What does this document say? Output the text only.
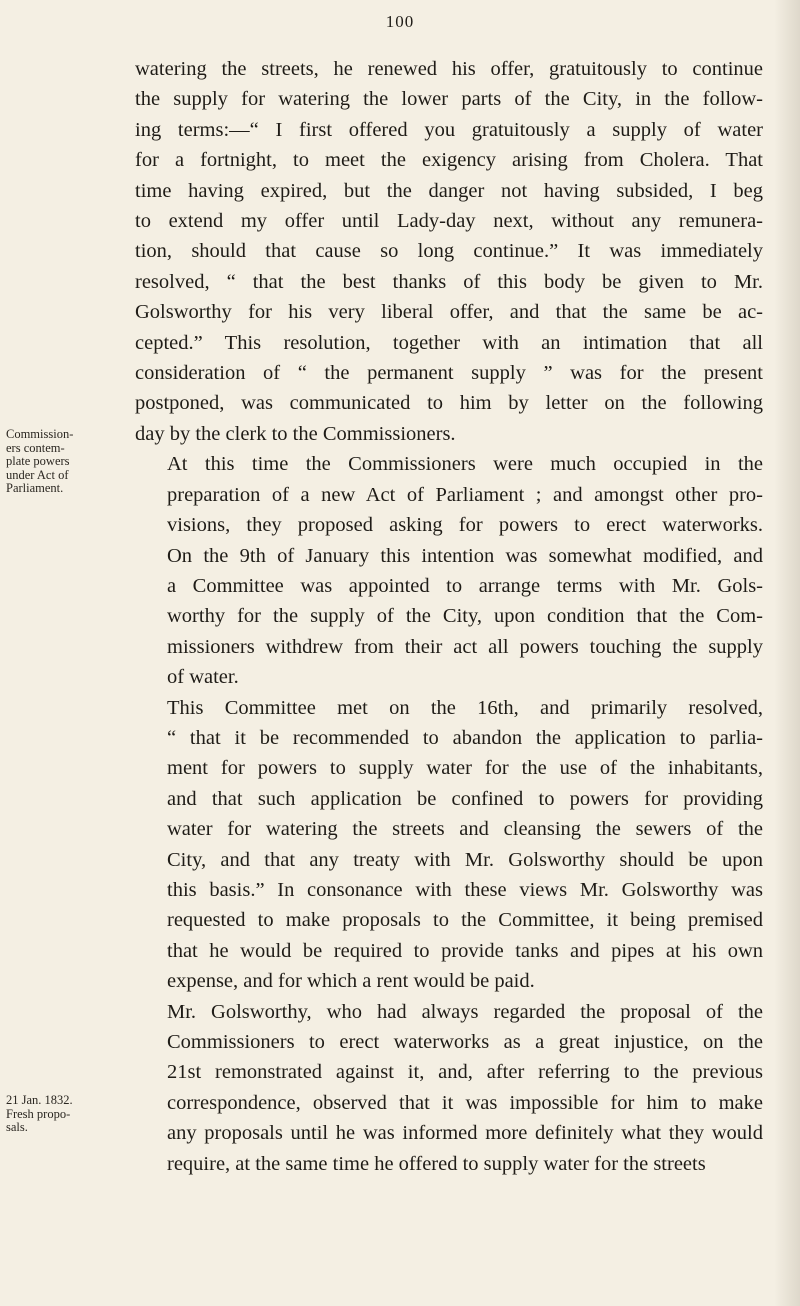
100
Commission-
ers contem-
plate powers
under Act of
Parliament.
21 Jan. 1832.
Fresh propo-
sals.

watering the streets, he renewed his offer, gratuitously to continue
the supply for watering the lower parts of the City, in the follow-
ing terms:—“ I first offered you gratuitously a supply of water
for a fortnight, to meet the exigency arising from Cholera. That
time having expired, but the danger not having subsided, I beg
to extend my offer until Lady-day next, without any remunera-
tion, should that cause so long continue.” It was immediately
resolved, “ that the best thanks of this body be given to Mr.
Golsworthy for his very liberal offer, and that the same be ac-
cepted.” This resolution, together with an intimation that all
consideration of “ the permanent supply ” was for the present
postponed, was communicated to him by letter on the following
day by the clerk to the Commissioners.

At this time the Commissioners were much occupied in the
preparation of a new Act of Parliament ; and amongst other pro-
visions, they proposed asking for powers to erect waterworks.
On the 9th of January this intention was somewhat modified, and
a Committee was appointed to arrange terms with Mr. Gols-
worthy for the supply of the City, upon condition that the Com-
missioners withdrew from their act all powers touching the supply
of water.

This Committee met on the 16th, and primarily resolved,
“ that it be recommended to abandon the application to parlia-
ment for powers to supply water for the use of the inhabitants,
and that such application be confined to powers for providing
water for watering the streets and cleansing the sewers of the
City, and that any treaty with Mr. Golsworthy should be upon
this basis.” In consonance with these views Mr. Golsworthy was
requested to make proposals to the Committee, it being premised
that he would be required to provide tanks and pipes at his own
expense, and for which a rent would be paid.

Mr. Golsworthy, who had always regarded the proposal of the
Commissioners to erect waterworks as a great injustice, on the
21st remonstrated against it, and, after referring to the previous
correspondence, observed that it was impossible for him to make
any proposals until he was informed more definitely what they would
require, at the same time he offered to supply water for the streets
